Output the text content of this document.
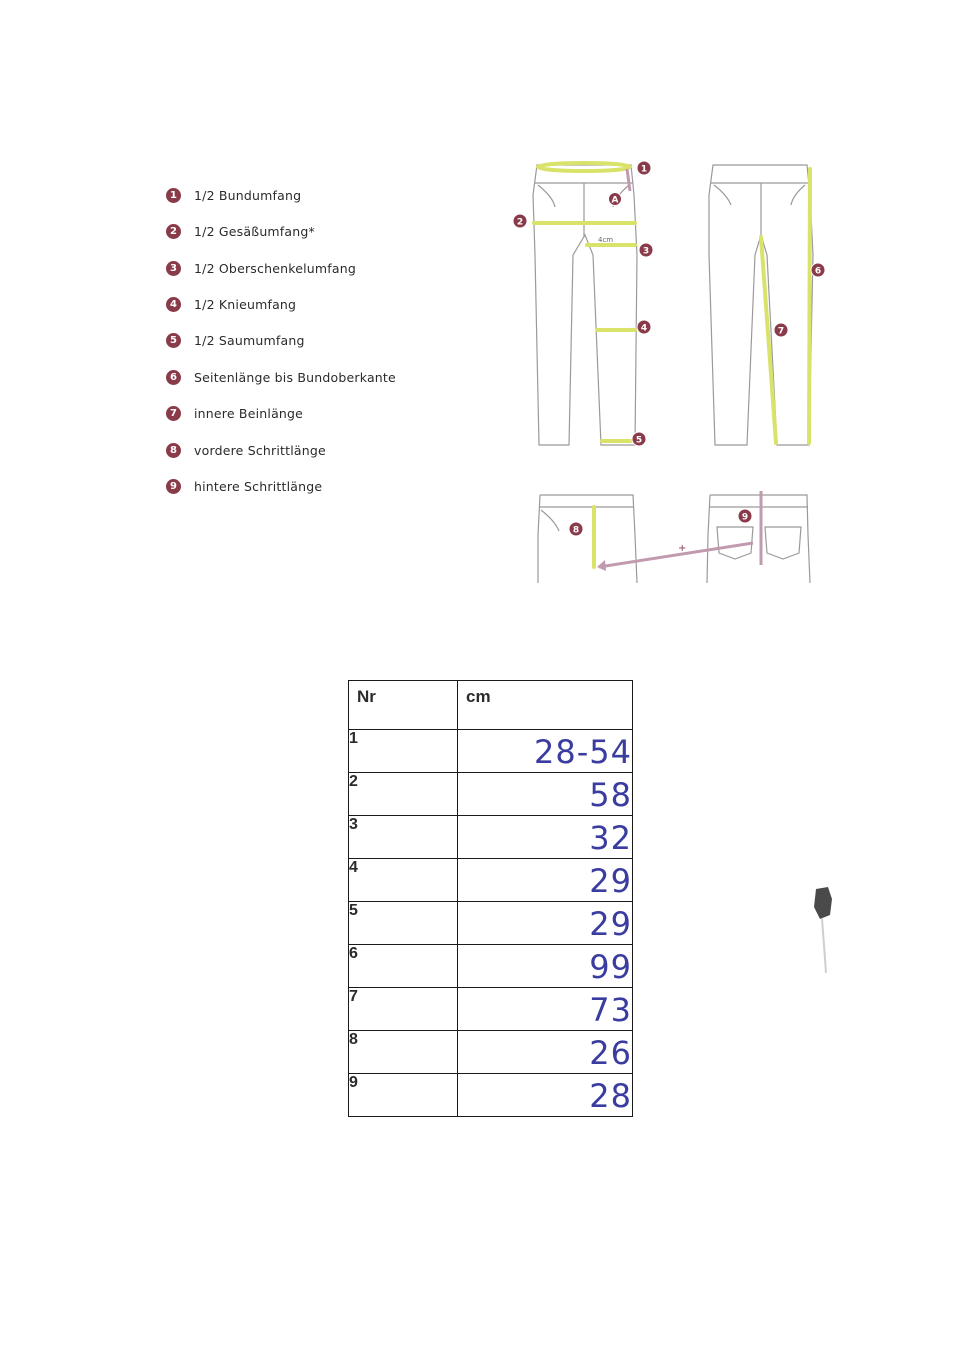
1	1/2 Bundumfang
2	1/2 Gesäßumfang*
3	1/2 Oberschenkelumfang
4	1/2 Knieumfang
5	1/2 Saumumfang
6	Seitenlänge bis Bundoberkante
7	innere Beinlänge
8	vordere Schrittlänge
9	hintere Schrittlänge
4cm
+
1
A
2
3
4
5
6
7
8
9
Nr	cm
1	28-54
2	58
3	32
4	29
5	29
6	99
7	73
8	26
9	28
